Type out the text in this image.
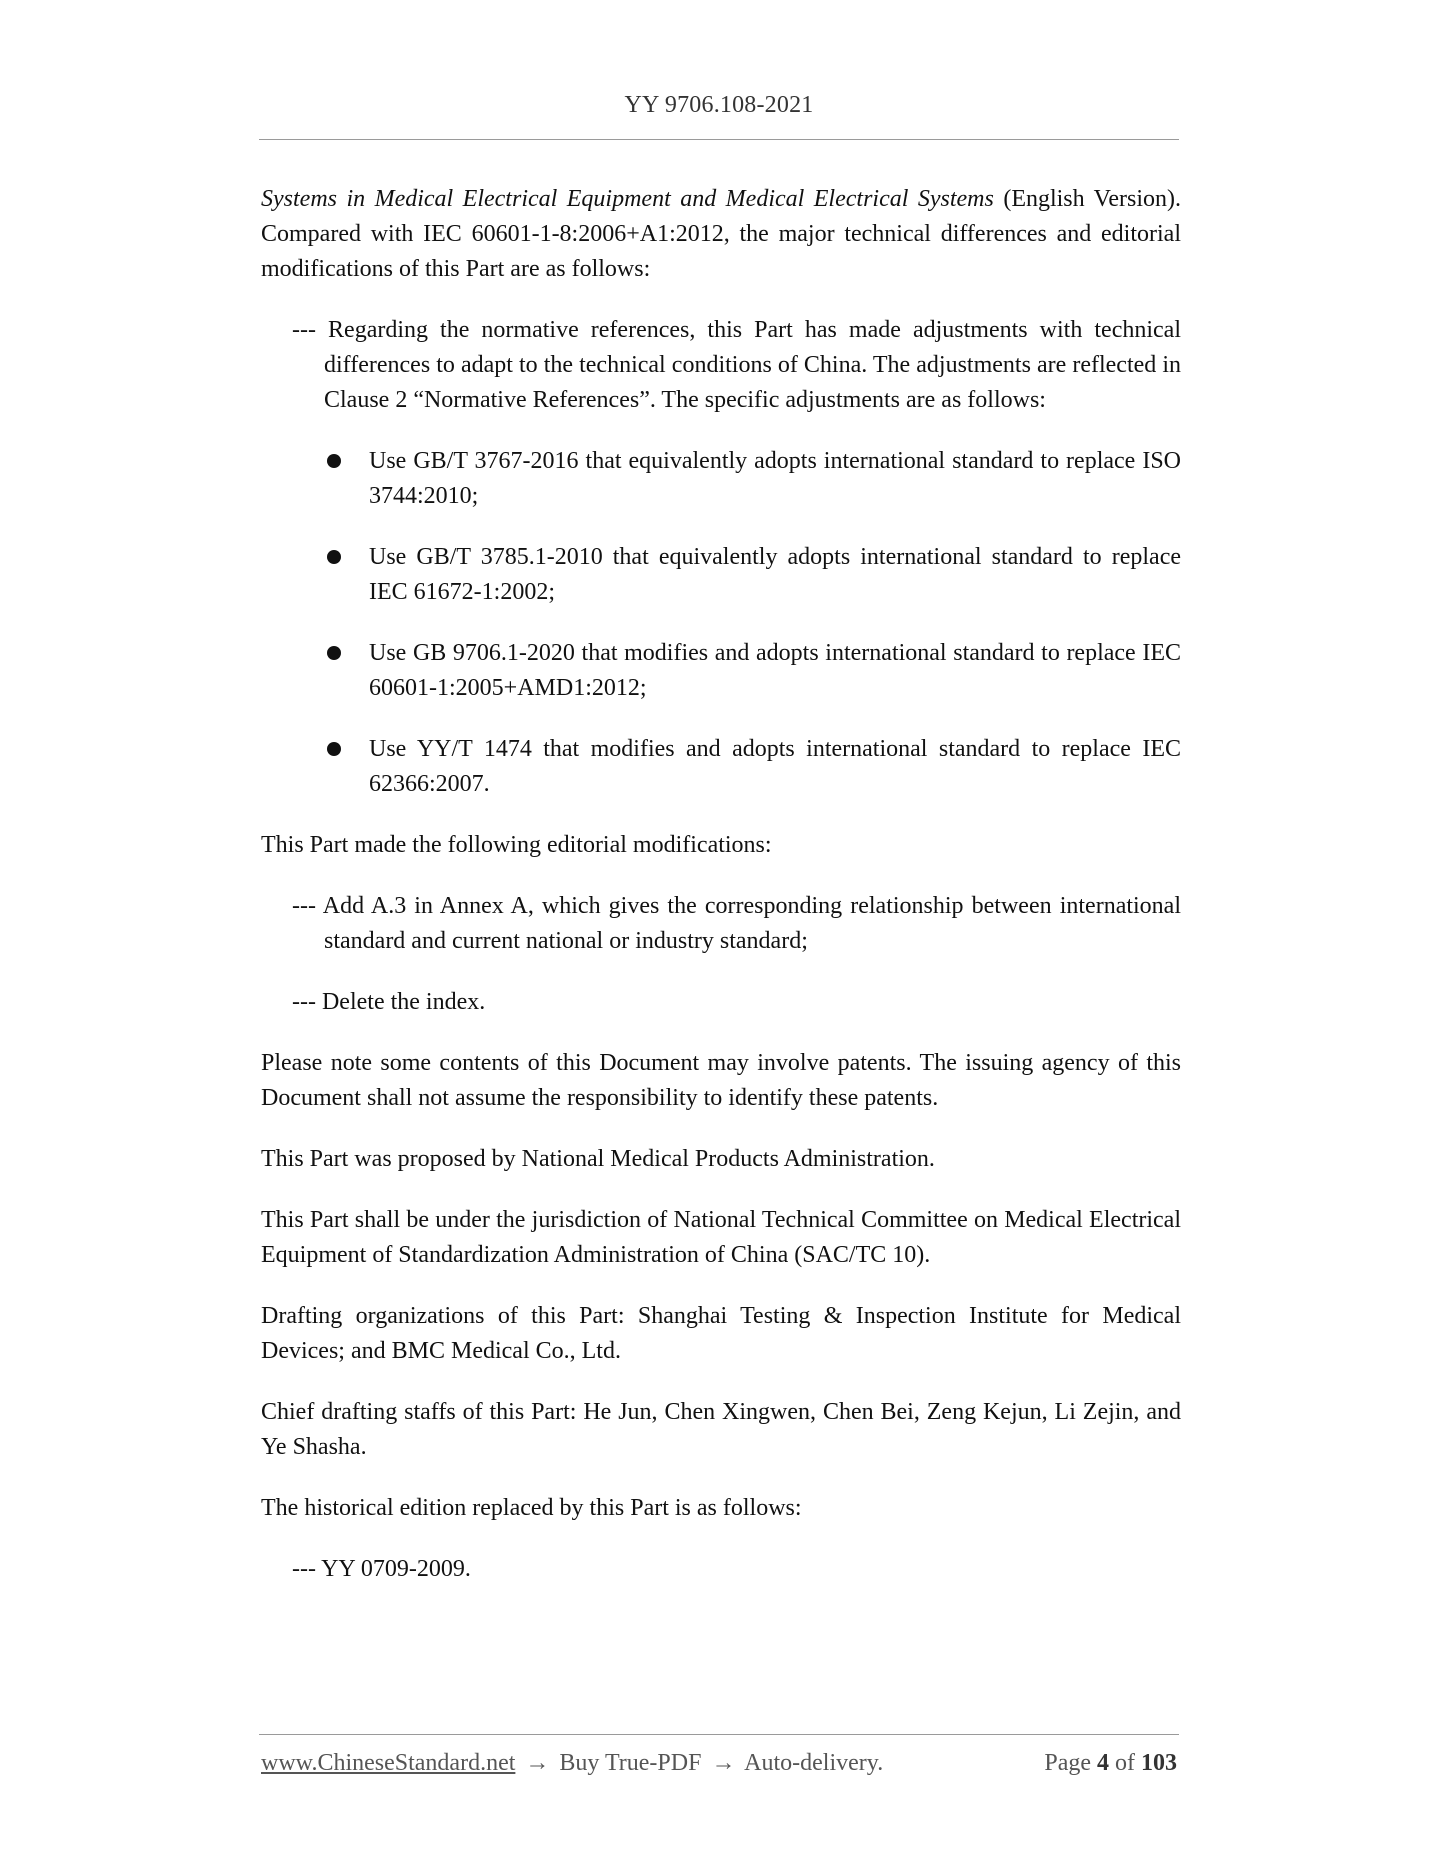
YY 9706.108-2021

Systems in Medical Electrical Equipment and Medical Electrical Systems (English Version). Compared with IEC 60601-1-8:2006+A1:2012, the major technical differences and editorial modifications of this Part are as follows:

--- Regarding the normative references, this Part has made adjustments with technical differences to adapt to the technical conditions of China. The adjustments are reflected in Clause 2 “Normative References”. The specific adjustments are as follows:
Use GB/T 3767-2016 that equivalently adopts international standard to replace ISO 3744:2010;
Use GB/T 3785.1-2010 that equivalently adopts international standard to replace IEC 61672-1:2002;
Use GB 9706.1-2020 that modifies and adopts international standard to replace IEC 60601-1:2005+AMD1:2012;
Use YY/T 1474 that modifies and adopts international standard to replace IEC 62366:2007.

This Part made the following editorial modifications:

--- Add A.3 in Annex A, which gives the corresponding relationship between international standard and current national or industry standard;
--- Delete the index.

Please note some contents of this Document may involve patents. The issuing agency of this Document shall not assume the responsibility to identify these patents.

This Part was proposed by National Medical Products Administration.

This Part shall be under the jurisdiction of National Technical Committee on Medical Electrical Equipment of Standardization Administration of China (SAC/TC 10).

Drafting organizations of this Part: Shanghai Testing & Inspection Institute for Medical Devices; and BMC Medical Co., Ltd.

Chief drafting staffs of this Part: He Jun, Chen Xingwen, Chen Bei, Zeng Kejun, Li Zejin, and Ye Shasha.

The historical edition replaced by this Part is as follows:

--- YY 0709-2009.
www.ChineseStandard.net → Buy True-PDF → Auto-delivery.	Page 4 of 103
